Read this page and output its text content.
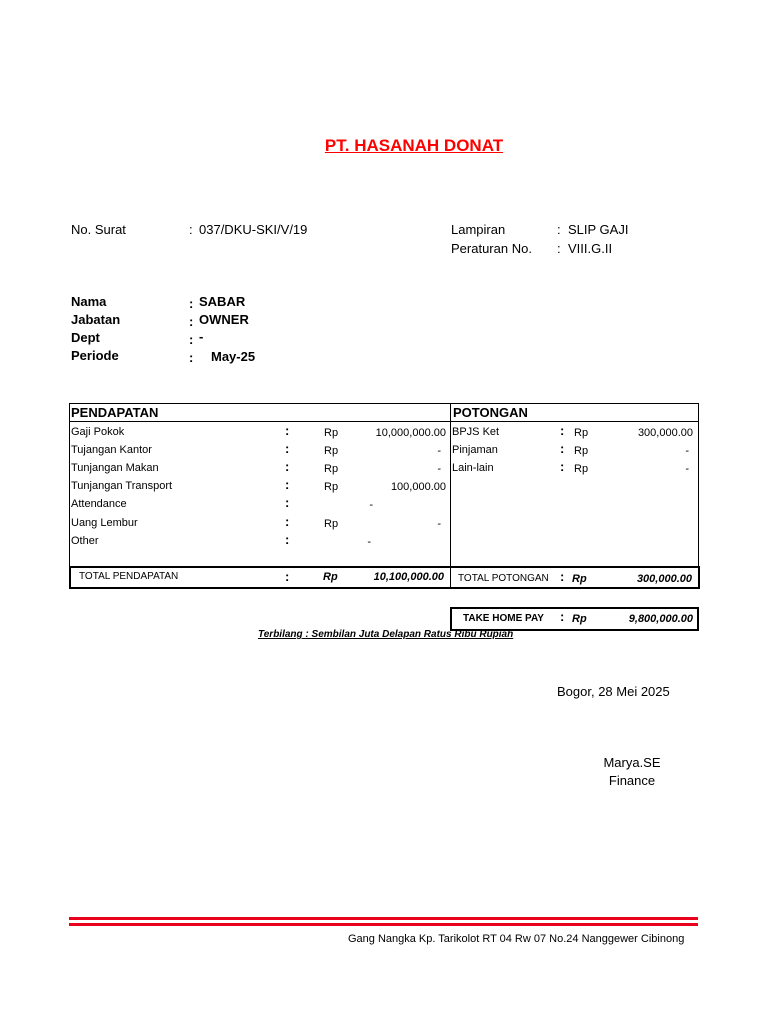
PT. HASANAH DONAT
No. Surat	: 037/DKU-SKI/V/19	Lampiran	: SLIP GAJI
Peraturan No. : VIII.G.II
Nama	: SABAR
Jabatan	: OWNER
Dept	: -
Periode	: May-25
PENDAPATAN	POTONGAN
Gaji Pokok	:	Rp	10,000,000.00
Tujangan Kantor	:	Rp	-
Tunjangan Makan	:	Rp	-
Tunjangan Transport	:	Rp	100,000.00
Attendance	:	-
Uang Lembur	:	Rp	-
Other	:	-
BPJS Ket	: Rp	300,000.00
Pinjaman	: Rp	-
Lain-lain	: Rp	-
TOTAL PENDAPATAN	:	Rp	10,100,000.00 TOTAL POTONGAN : Rp	300,000.00
TAKE HOME PAY : Rp	9,800,000.00
Terbilang : Sembilan Juta Delapan Ratus Ribu Rupiah
Bogor, 28 Mei 2025
Marya.SE
Finance
Gang Nangka Kp. Tarikolot RT 04 Rw 07 No.24 Nanggewer Cibinong
